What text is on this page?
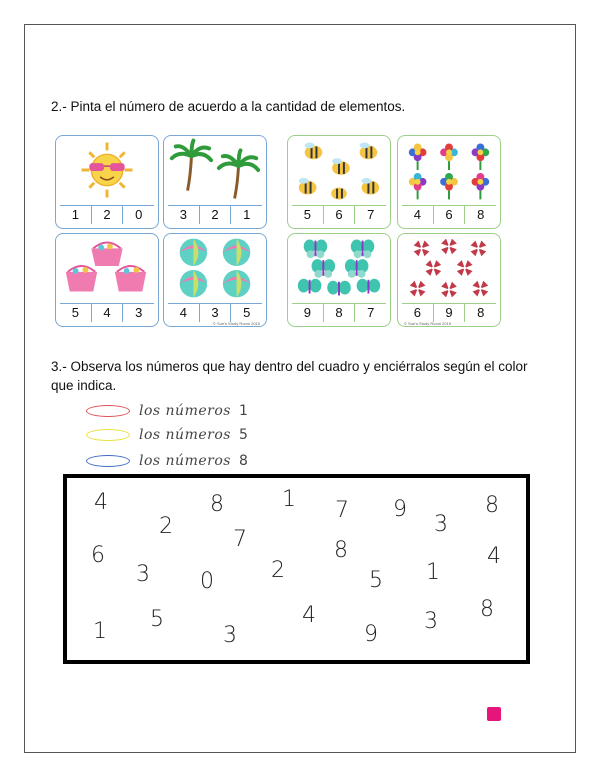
2.- Pinta el número de acuerdo a la cantidad de elementos.
1	2	0	3	2	1
5	4	3	4	3	5
© Sue's Study Room 2015
5	6	7	4	6	8
9	8	7	6	9	8
© Sue's Study Room 2015
3.- Observa los números que hay dentro del cuadro y enciérralos según el color que indica.
los números 1
los números 5
los números 8
4	8	1 7 9	8
2	3
7
6	8	4
3 0	2	5 1
5	4	8
1	3	9
3
